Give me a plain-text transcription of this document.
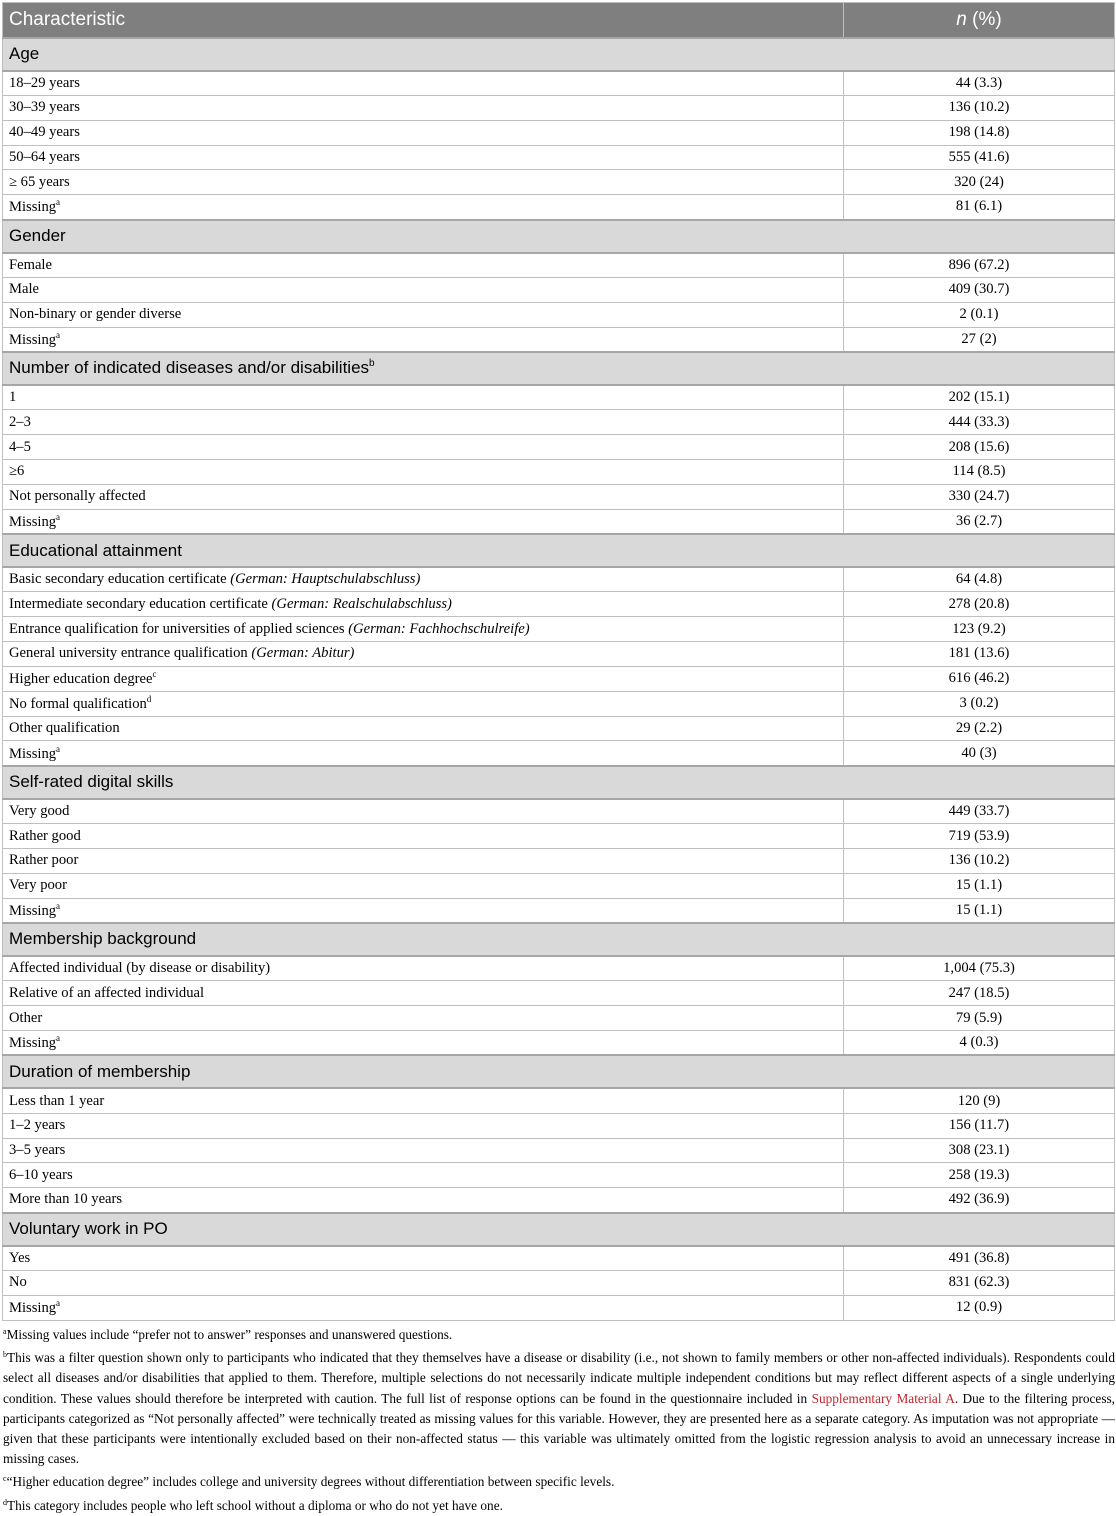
Characteristic	n (%)
Age	
18–29 years	44 (3.3)
30–39 years	136 (10.2)
40–49 years	198 (14.8)
50–64 years	555 (41.6)
≥ 65 years	320 (24)
Missing$^a$	81 (6.1)
Gender	
Female	896 (67.2)
Male	409 (30.7)
Non-binary or gender diverse	2 (0.1)
Missing$^a$	27 (2)
Number of indicated diseases and/or disabilities$^b$
1	202 (15.1)
2–3	444 (33.3)
4–5	208 (15.6)
≥6	114 (8.5)
Not personally affected	330 (24.7)
Missing$^a$	36 (2.7)
Educational attainment	
Basic secondary education certificate (German: Hauptschulabschluss)	64 (4.8)
Intermediate secondary education certificate (German: Realschulabschluss)	278 (20.8)
Entrance qualification for universities of applied sciences (German: Fachhochschulreife)	123 (9.2)
General university entrance qualification (German: Abitur)	181 (13.6)
Higher education degree$^c$	616 (46.2)
No formal qualification$^d$	3 (0.2)
Other qualification	29 (2.2)
Missing$^a$	40 (3)
Self-rated digital skills	
Very good	449 (33.7)
Rather good	719 (53.9)
Rather poor	136 (10.2)
Very poor	15 (1.1)
Missing$^a$	15 (1.1)
Membership background	
Affected individual (by disease or disability)	1,004 (75.3)
Relative of an affected individual	247 (18.5)
Other	79 (5.9)
Missing$^a$	4 (0.3)
Duration of membership	
Less than 1 year	120 (9)
1–2 years	156 (11.7)
3–5 years	308 (23.1)
6–10 years	258 (19.3)
More than 10 years	492 (36.9)
Voluntary work in PO	
Yes	491 (36.8)
No	831 (62.3)
Missing$^a$	12 (0.9)

$^a$Missing values include “prefer not to answer” responses and unanswered questions.

$^b$This was a filter question shown only to participants who indicated that they themselves have a disease or disability (i.e., not shown to family members or other non-affected individuals). Respondents could select all diseases and/or disabilities that applied to them. Therefore, multiple selections do not necessarily indicate multiple independent conditions but may reflect different aspects of a single underlying condition. These values should therefore be interpreted with caution. The full list of response options can be found in the questionnaire included in Supplementary Material A. Due to the filtering process, participants categorized as “Not personally affected” were technically treated as missing values for this variable. However, they are presented here as a separate category. As imputation was not appropriate — given that these participants were intentionally excluded based on their non-affected status — this variable was ultimately omitted from the logistic regression analysis to avoid an unnecessary increase in missing cases.

$^c$“Higher education degree” includes college and university degrees without differentiation between specific levels.

$^d$This category includes people who left school without a diploma or who do not yet have one.
